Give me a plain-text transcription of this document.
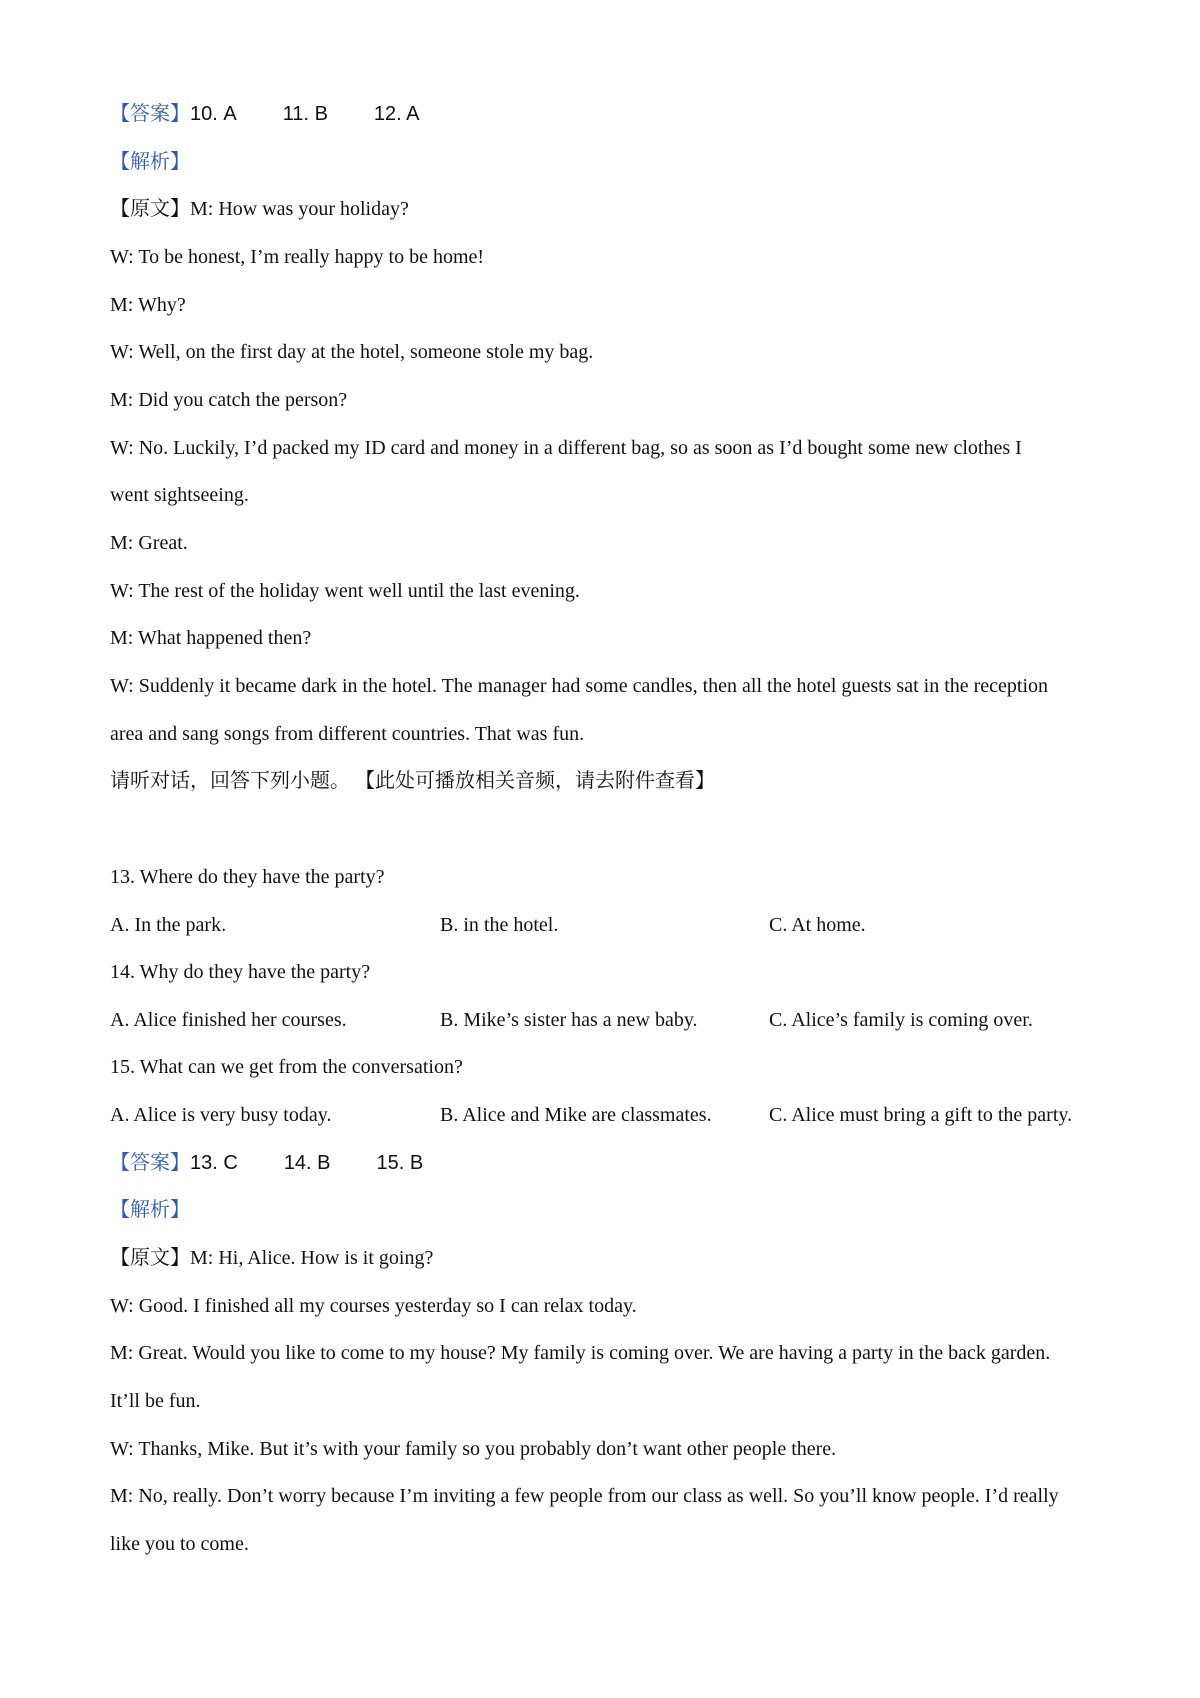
【答案】10. A 11. B 12. A
【解析】
【原文】M: How was your holiday?
W: To be honest, I’m really happy to be home!
M: Why?
W: Well, on the first day at the hotel, someone stole my bag.
M: Did you catch the person?
W: No. Luckily, I’d packed my ID card and money in a different bag, so as soon as I’d bought some new clothes I
went sightseeing.
M: Great.
W: The rest of the holiday went well until the last evening.
M: What happened then?
W: Suddenly it became dark in the hotel. The manager had some candles, then all the hotel guests sat in the reception
area and sang songs from different countries. That was fun.
请听对话，回答下列小题。 【此处可播放相关音频，请去附件查看】
13. Where do they have the party?
A. In the park.	B. in the hotel.	C. At home.
14. Why do they have the party?
A. Alice finished her courses.	B. Mike’s sister has a new baby.	C. Alice’s family is coming over.
15. What can we get from the conversation?
A. Alice is very busy today.	B. Alice and Mike are classmates.	C. Alice must bring a gift to the party.
【答案】13. C 14. B 15. B
【解析】
【原文】M: Hi, Alice. How is it going?
W: Good. I finished all my courses yesterday so I can relax today.
M: Great. Would you like to come to my house? My family is coming over. We are having a party in the back garden.
It’ll be fun.
W: Thanks, Mike. But it’s with your family so you probably don’t want other people there.
M: No, really. Don’t worry because I’m inviting a few people from our class as well. So you’ll know people. I’d really
like you to come.
